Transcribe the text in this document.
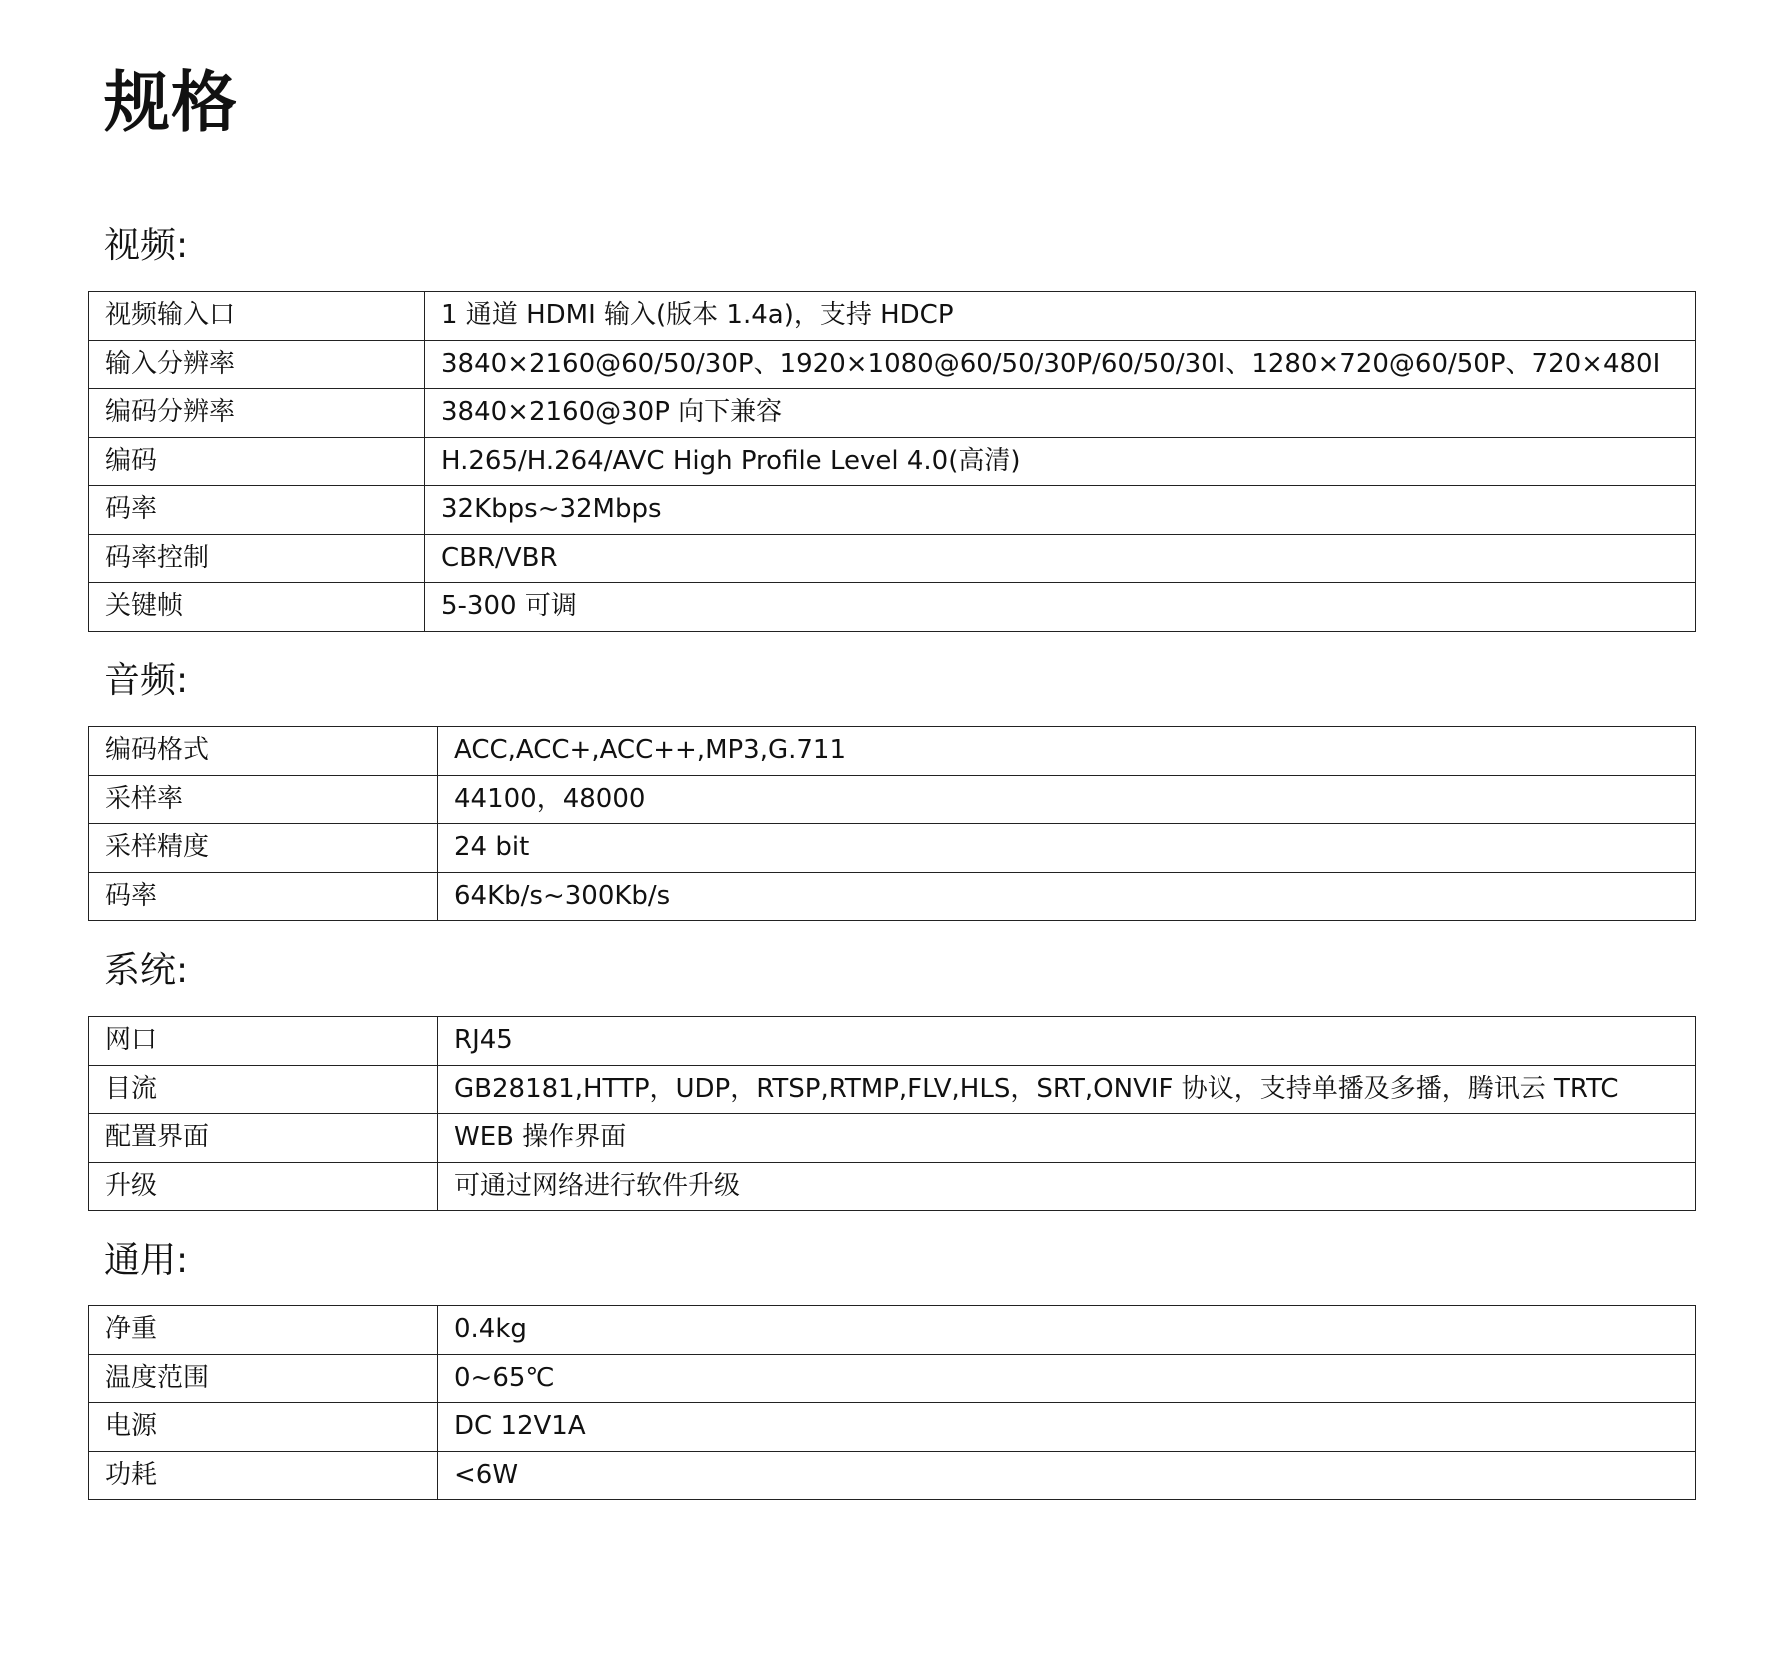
规格
视频:
视频输入口	1 通道 HDMI 输入(版本 1.4a)，支持 HDCP
输入分辨率	3840×2160@60/50/30P、1920×1080@60/50/30P/60/50/30I、1280×720@60/50P、720×480I
编码分辨率	3840×2160@30P 向下兼容
编码	H.265/H.264/AVC High Profile Level 4.0(高清)
码率	32Kbps~32Mbps
码率控制	CBR/VBR
关键帧	5-300 可调
音频:
编码格式	ACC,ACC+,ACC++,MP3,G.711
采样率	44100，48000
采样精度	24 bit
码率	64Kb/s~300Kb/s
系统:
网口	RJ45
目流	GB28181,HTTP，UDP，RTSP,RTMP,FLV,HLS，SRT,ONVIF 协议，支持单播及多播，腾讯云 TRTC
配置界面	WEB 操作界面
升级	可通过网络进行软件升级
通用:
净重	0.4kg
温度范围	0~65℃
电源	DC 12V1A
功耗	<6W
